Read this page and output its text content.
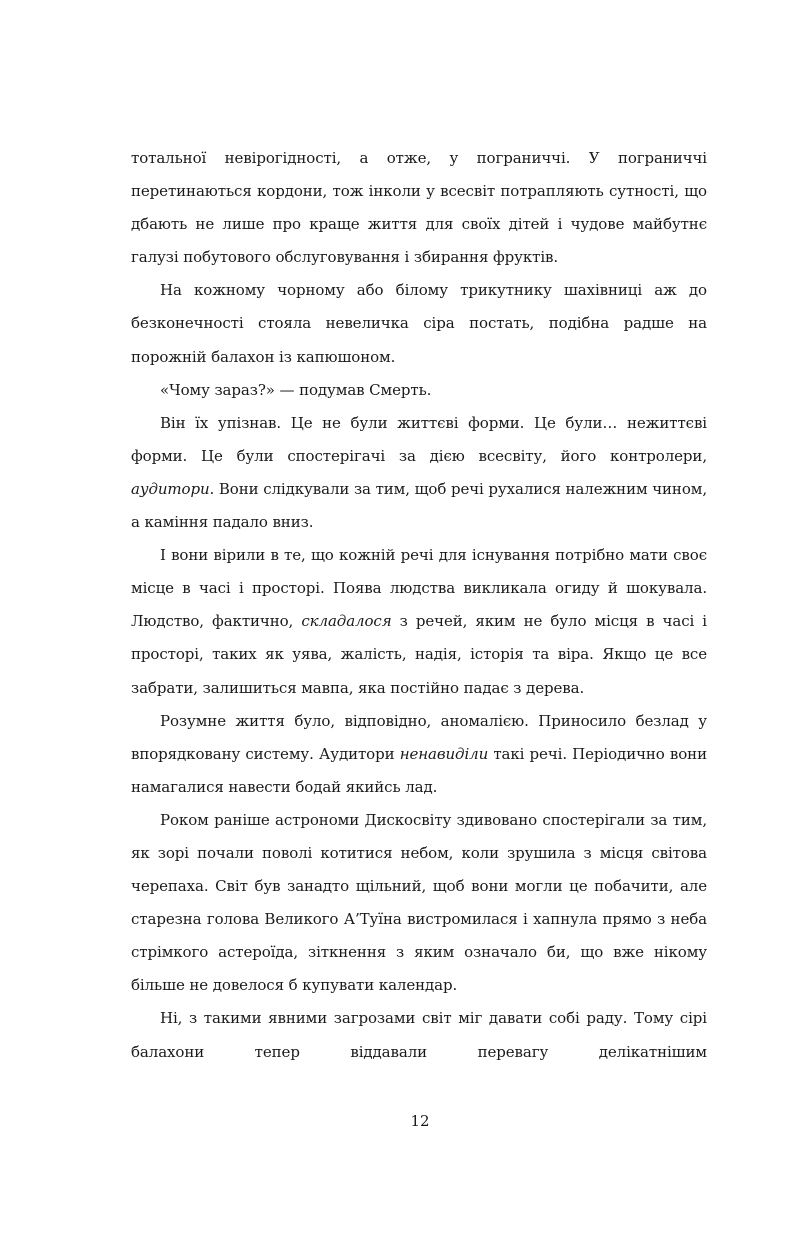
тотальної невірогідності, а отже, у пограниччі. У пограниччі перетинаються кордони, тож інколи у всесвіт потрапляють сутності, що дбають не лише про краще життя для своїх дітей і чудове майбутнє галузі побутового обслуговування і збирання фруктів.

На кожному чорному або білому трикутнику шахівниці аж до безконечності стояла невеличка сіра постать, подібна радше на порожній балахон із капюшоном.

«Чому зараз?» — подумав Смерть.

Він їх упізнав. Це не були життєві форми. Це були… нежиттєві форми. Це були спостерігачі за дією всесвіту, його контролери, аудитори. Вони слідкували за тим, щоб речі рухалися належним чином, а каміння падало вниз.

І вони вірили в те, що кожній речі для існування потрібно мати своє місце в часі і просторі. Поява людства викликала огиду й шокувала. Людство, фактично, складалося з речей, яким не було місця в часі і просторі, таких як уява, жалість, надія, історія та віра. Якщо це все забрати, залишиться мавпа, яка постійно падає з дерева.

Розумне життя було, відповідно, аномалією. Приносило безлад у впорядковану систему. Аудитори ненавиділи такі речі. Періодично вони намагалися навести бодай якийсь лад.

Роком раніше астрономи Дискосвіту здивовано спостерігали за тим, як зорі почали поволі котитися небом, коли зрушила з місця світова черепаха. Світ був занадто щільний, щоб вони могли це побачити, але старезна голова Великого А’Туїна вистромилася і хапнула прямо з неба стрімкого астероїда, зіткнення з яким означало би, що вже нікому більше не довелося б купувати календар.

Ні, з такими явними загрозами світ міг давати собі раду. Тому сірі балахони тепер віддавали перевагу делікатнішим

12
